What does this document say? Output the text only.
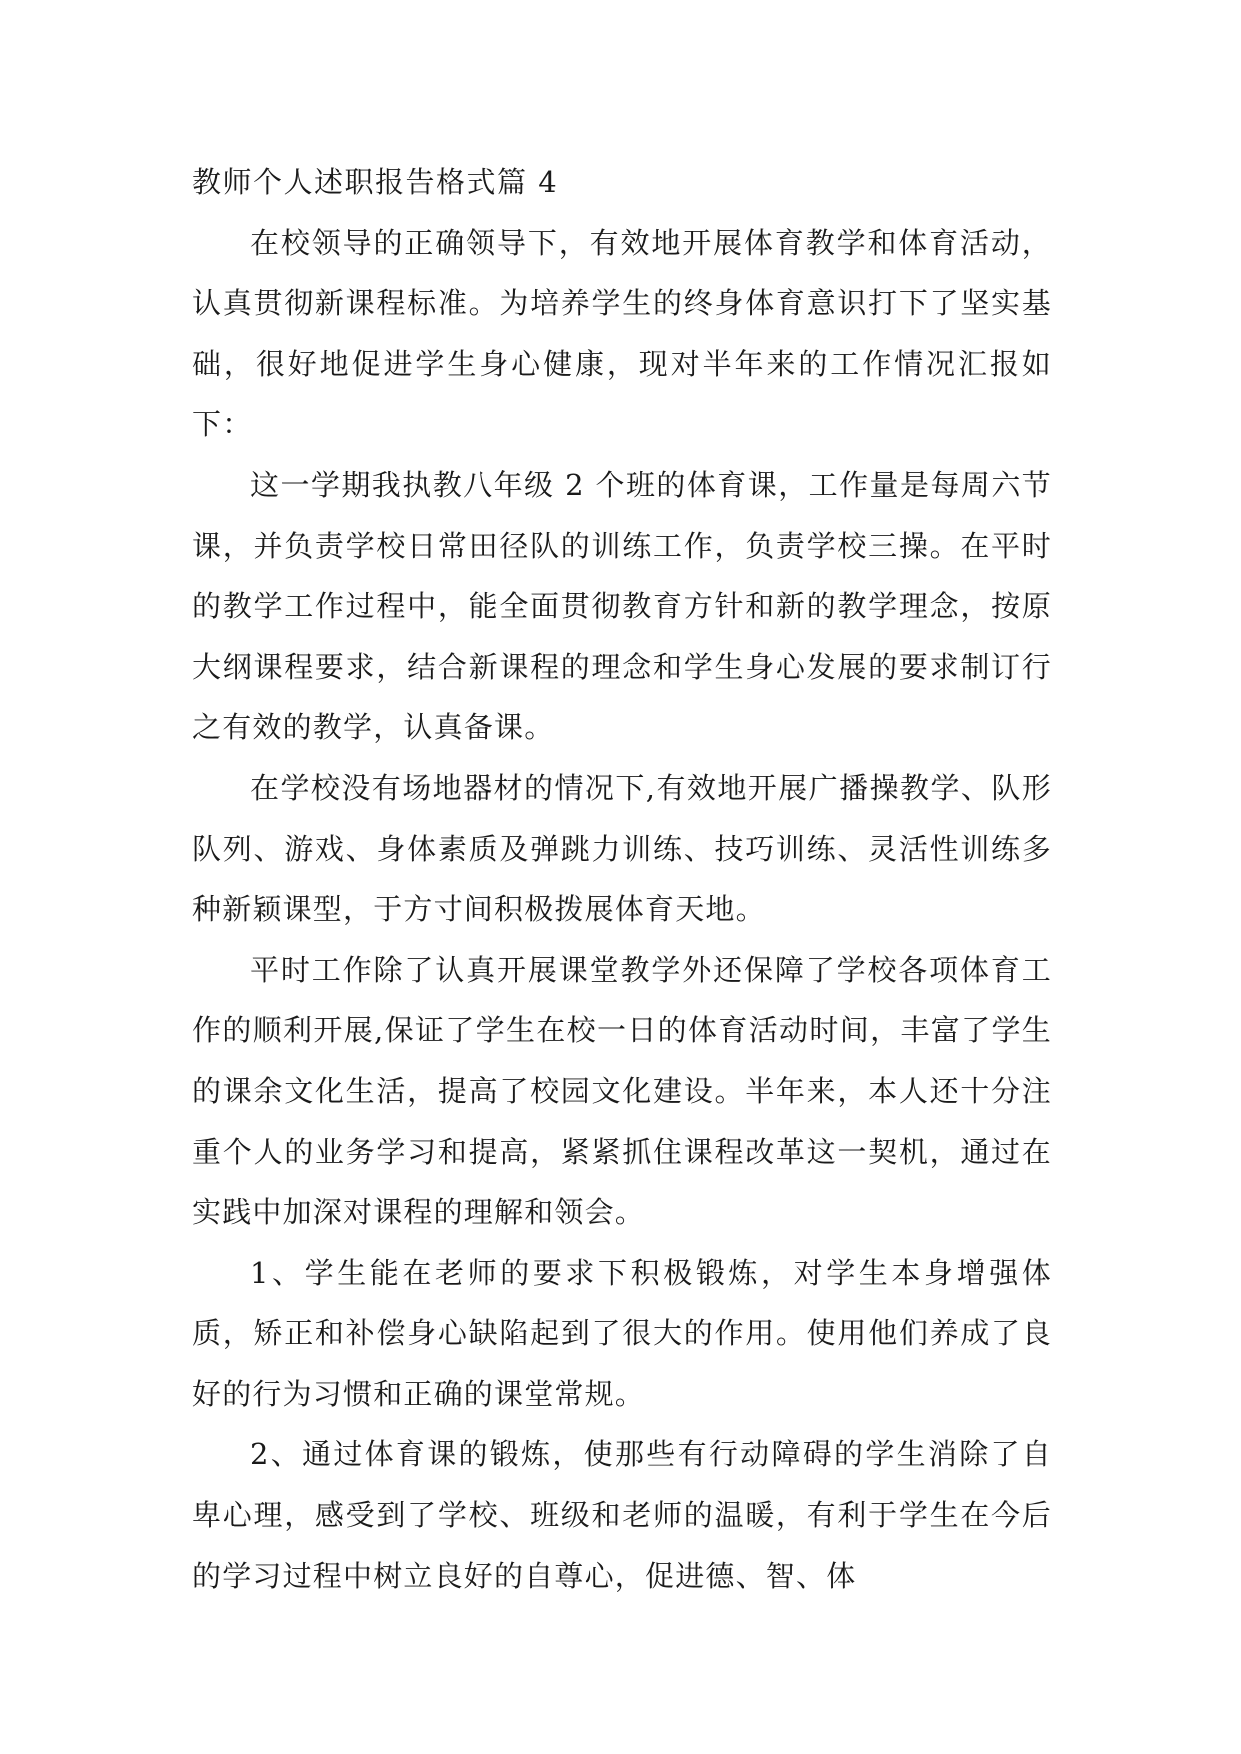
教师个人述职报告格式篇 4

在校领导的正确领导下，有效地开展体育教学和体育活动，认真贯彻新课程标准。为培养学生的终身体育意识打下了坚实基础，很好地促进学生身心健康，现对半年来的工作情况汇报如下：

这一学期我执教八年级 2 个班的体育课，工作量是每周六节课，并负责学校日常田径队的训练工作，负责学校三操。在平时的教学工作过程中，能全面贯彻教育方针和新的教学理念，按原大纲课程要求，结合新课程的理念和学生身心发展的要求制订行之有效的教学，认真备课。

在学校没有场地器材的情况下,有效地开展广播操教学、队形队列、游戏、身体素质及弹跳力训练、技巧训练、灵活性训练多种新颖课型，于方寸间积极拨展体育天地。

平时工作除了认真开展课堂教学外还保障了学校各项体育工作的顺利开展,保证了学生在校一日的体育活动时间，丰富了学生的课余文化生活，提高了校园文化建设。半年来，本人还十分注重个人的业务学习和提高，紧紧抓住课程改革这一契机，通过在实践中加深对课程的理解和领会。

1、学生能在老师的要求下积极锻炼，对学生本身增强体质，矫正和补偿身心缺陷起到了很大的作用。使用他们养成了良好的行为习惯和正确的课堂常规。

2、通过体育课的锻炼，使那些有行动障碍的学生消除了自卑心理，感受到了学校、班级和老师的温暖，有利于学生在今后的学习过程中树立良好的自尊心，促进德、智、体
